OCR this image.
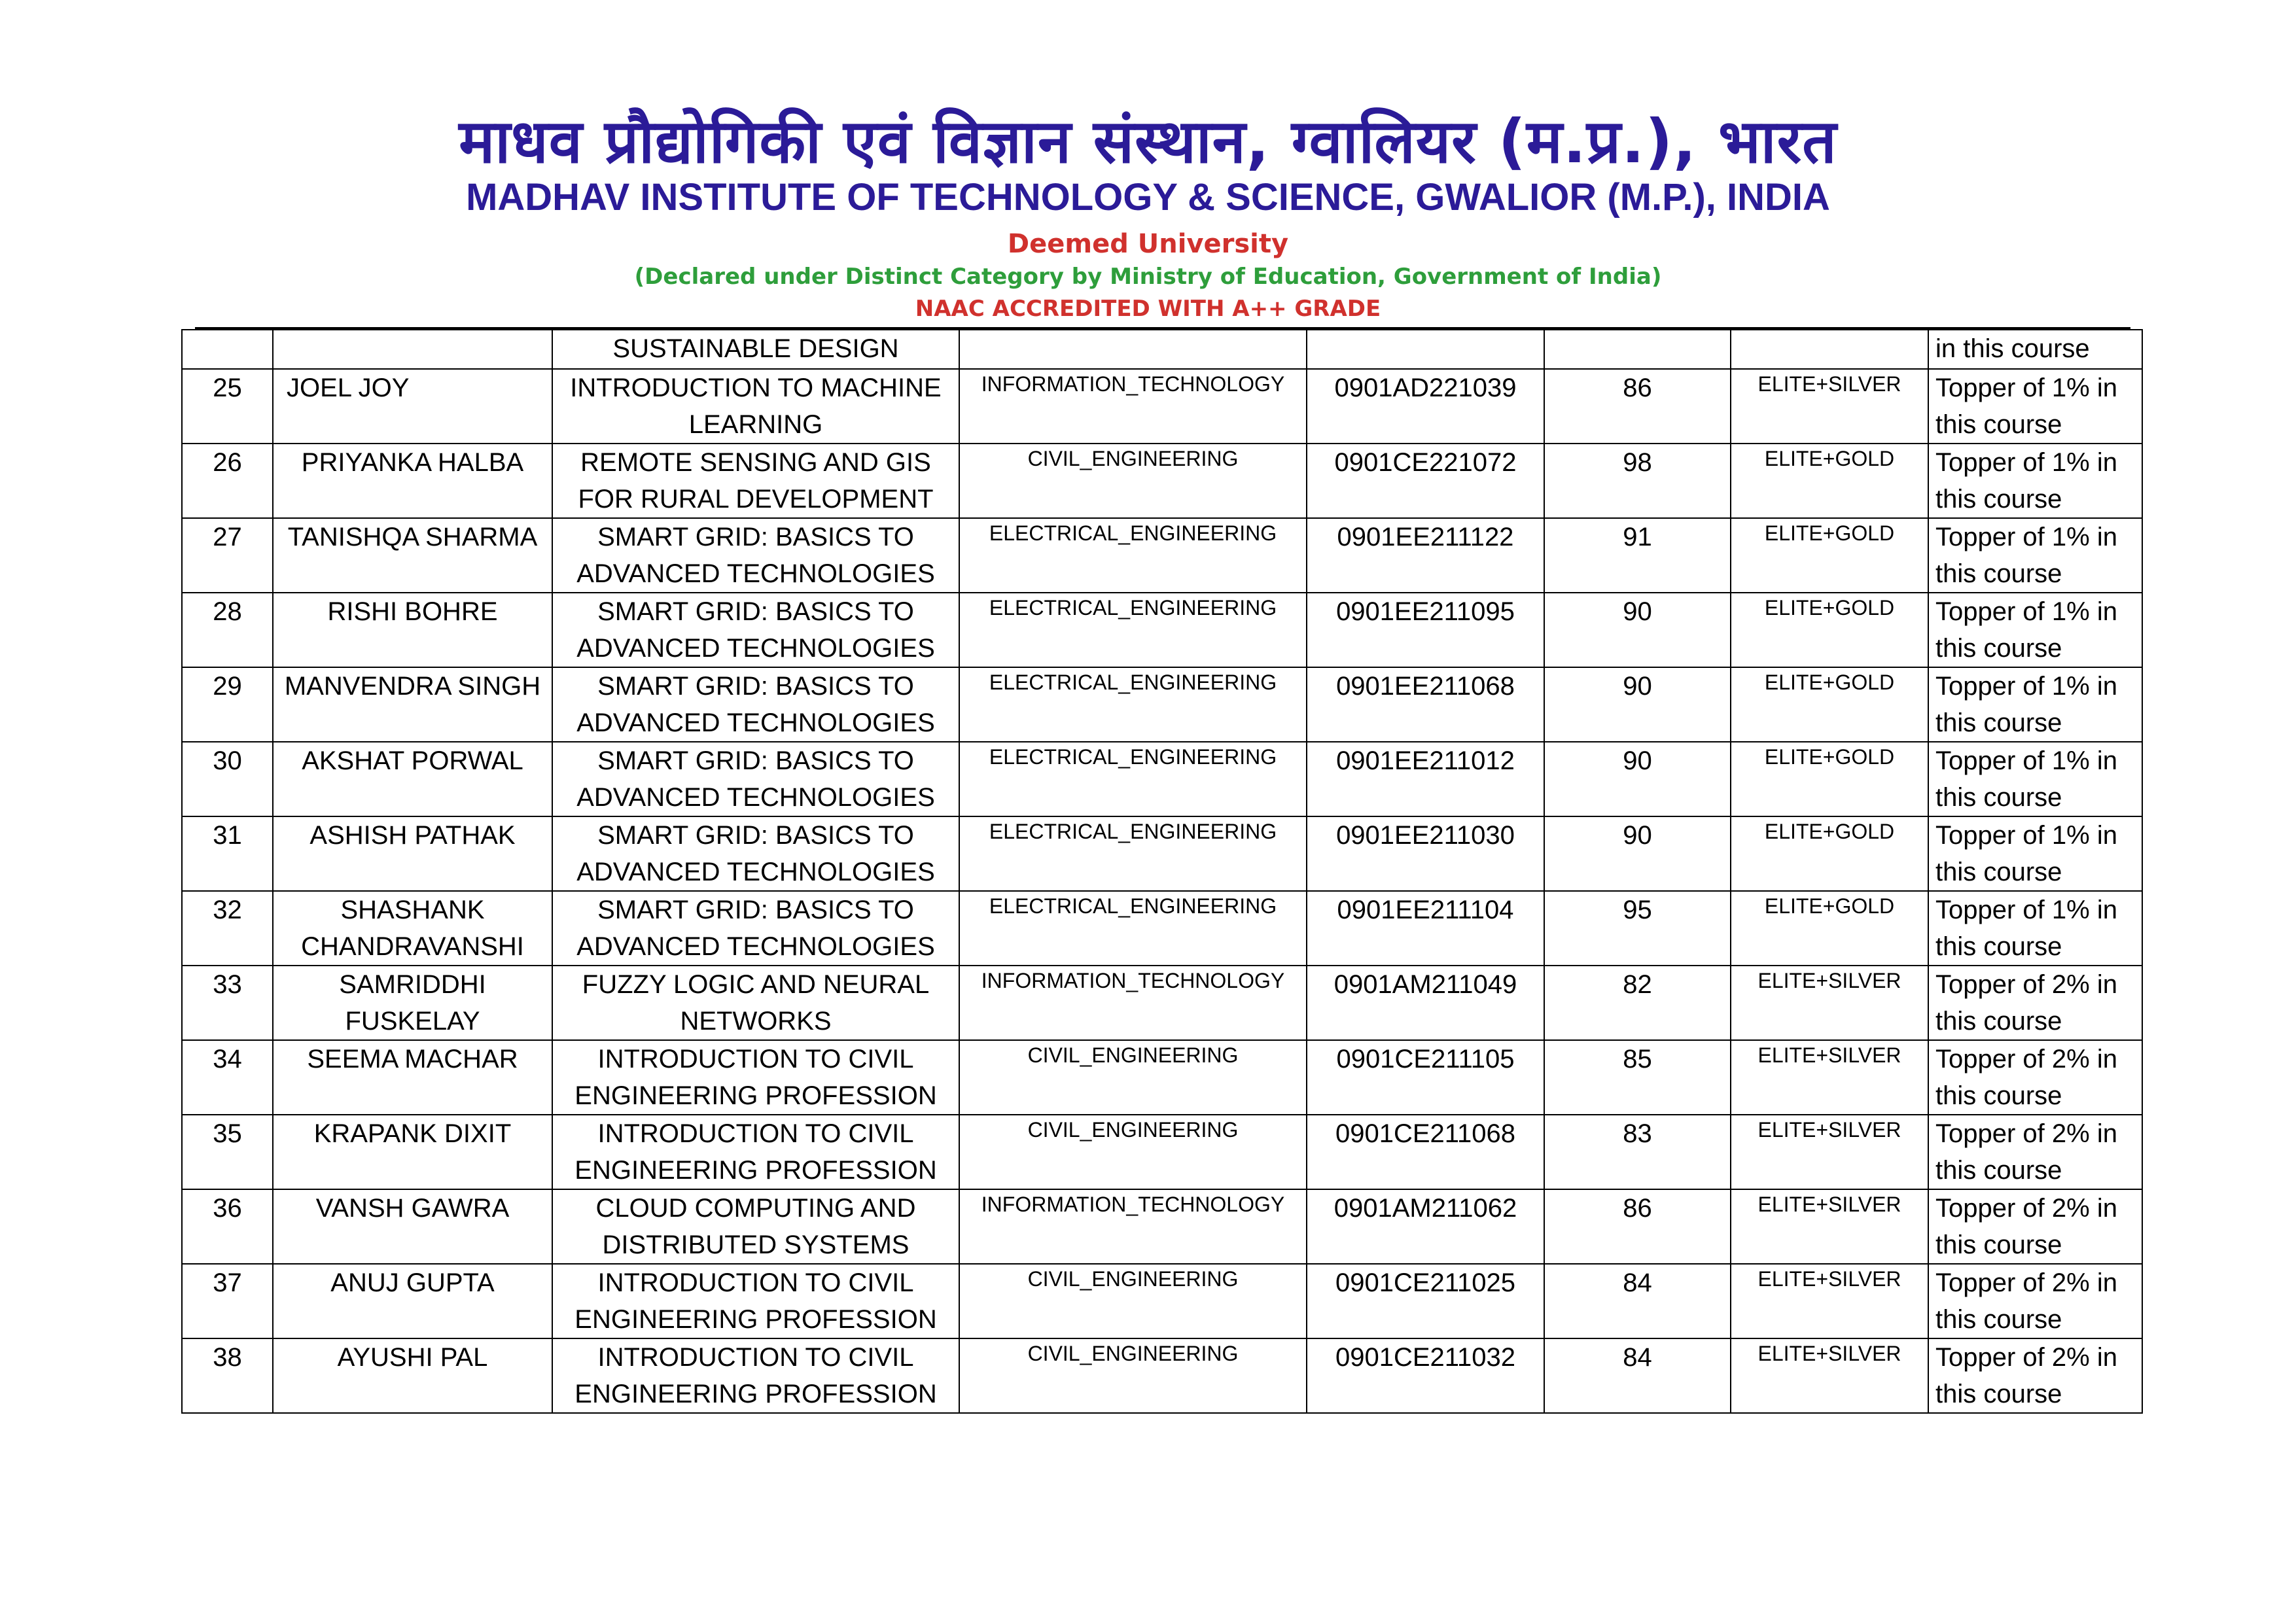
माधव प्रौद्योगिकी एवं विज्ञान संस्थान, ग्वालियर (म.प्र.), भारत
MADHAV INSTITUTE OF TECHNOLOGY & SCIENCE, GWALIOR (M.P.), INDIA
Deemed University
(Declared under Distinct Category by Ministry of Education, Government of India)
NAAC ACCREDITED WITH A++ GRADE
		SUSTAINABLE DESIGN					in this course
25	JOEL JOY	INTRODUCTION TO MACHINE LEARNING	INFORMATION_TECHNOLOGY	0901AD221039	86	ELITE+SILVER	Topper of 1% in this course
26	PRIYANKA HALBA	REMOTE SENSING AND GIS FOR RURAL DEVELOPMENT	CIVIL_ENGINEERING	0901CE221072	98	ELITE+GOLD	Topper of 1% in this course
27	TANISHQA SHARMA	SMART GRID: BASICS TO ADVANCED TECHNOLOGIES	ELECTRICAL_ENGINEERING	0901EE211122	91	ELITE+GOLD	Topper of 1% in this course
28	RISHI BOHRE	SMART GRID: BASICS TO ADVANCED TECHNOLOGIES	ELECTRICAL_ENGINEERING	0901EE211095	90	ELITE+GOLD	Topper of 1% in this course
29	MANVENDRA SINGH	SMART GRID: BASICS TO ADVANCED TECHNOLOGIES	ELECTRICAL_ENGINEERING	0901EE211068	90	ELITE+GOLD	Topper of 1% in this course
30	AKSHAT PORWAL	SMART GRID: BASICS TO ADVANCED TECHNOLOGIES	ELECTRICAL_ENGINEERING	0901EE211012	90	ELITE+GOLD	Topper of 1% in this course
31	ASHISH PATHAK	SMART GRID: BASICS TO ADVANCED TECHNOLOGIES	ELECTRICAL_ENGINEERING	0901EE211030	90	ELITE+GOLD	Topper of 1% in this course
32	SHASHANK CHANDRAVANSHI	SMART GRID: BASICS TO ADVANCED TECHNOLOGIES	ELECTRICAL_ENGINEERING	0901EE211104	95	ELITE+GOLD	Topper of 1% in this course
33	SAMRIDDHI FUSKELAY	FUZZY LOGIC AND NEURAL NETWORKS	INFORMATION_TECHNOLOGY	0901AM211049	82	ELITE+SILVER	Topper of 2% in this course
34	SEEMA MACHAR	INTRODUCTION TO CIVIL ENGINEERING PROFESSION	CIVIL_ENGINEERING	0901CE211105	85	ELITE+SILVER	Topper of 2% in this course
35	KRAPANK DIXIT	INTRODUCTION TO CIVIL ENGINEERING PROFESSION	CIVIL_ENGINEERING	0901CE211068	83	ELITE+SILVER	Topper of 2% in this course
36	VANSH GAWRA	CLOUD COMPUTING AND DISTRIBUTED SYSTEMS	INFORMATION_TECHNOLOGY	0901AM211062	86	ELITE+SILVER	Topper of 2% in this course
37	ANUJ GUPTA	INTRODUCTION TO CIVIL ENGINEERING PROFESSION	CIVIL_ENGINEERING	0901CE211025	84	ELITE+SILVER	Topper of 2% in this course
38	AYUSHI PAL	INTRODUCTION TO CIVIL ENGINEERING PROFESSION	CIVIL_ENGINEERING	0901CE211032	84	ELITE+SILVER	Topper of 2% in this course
